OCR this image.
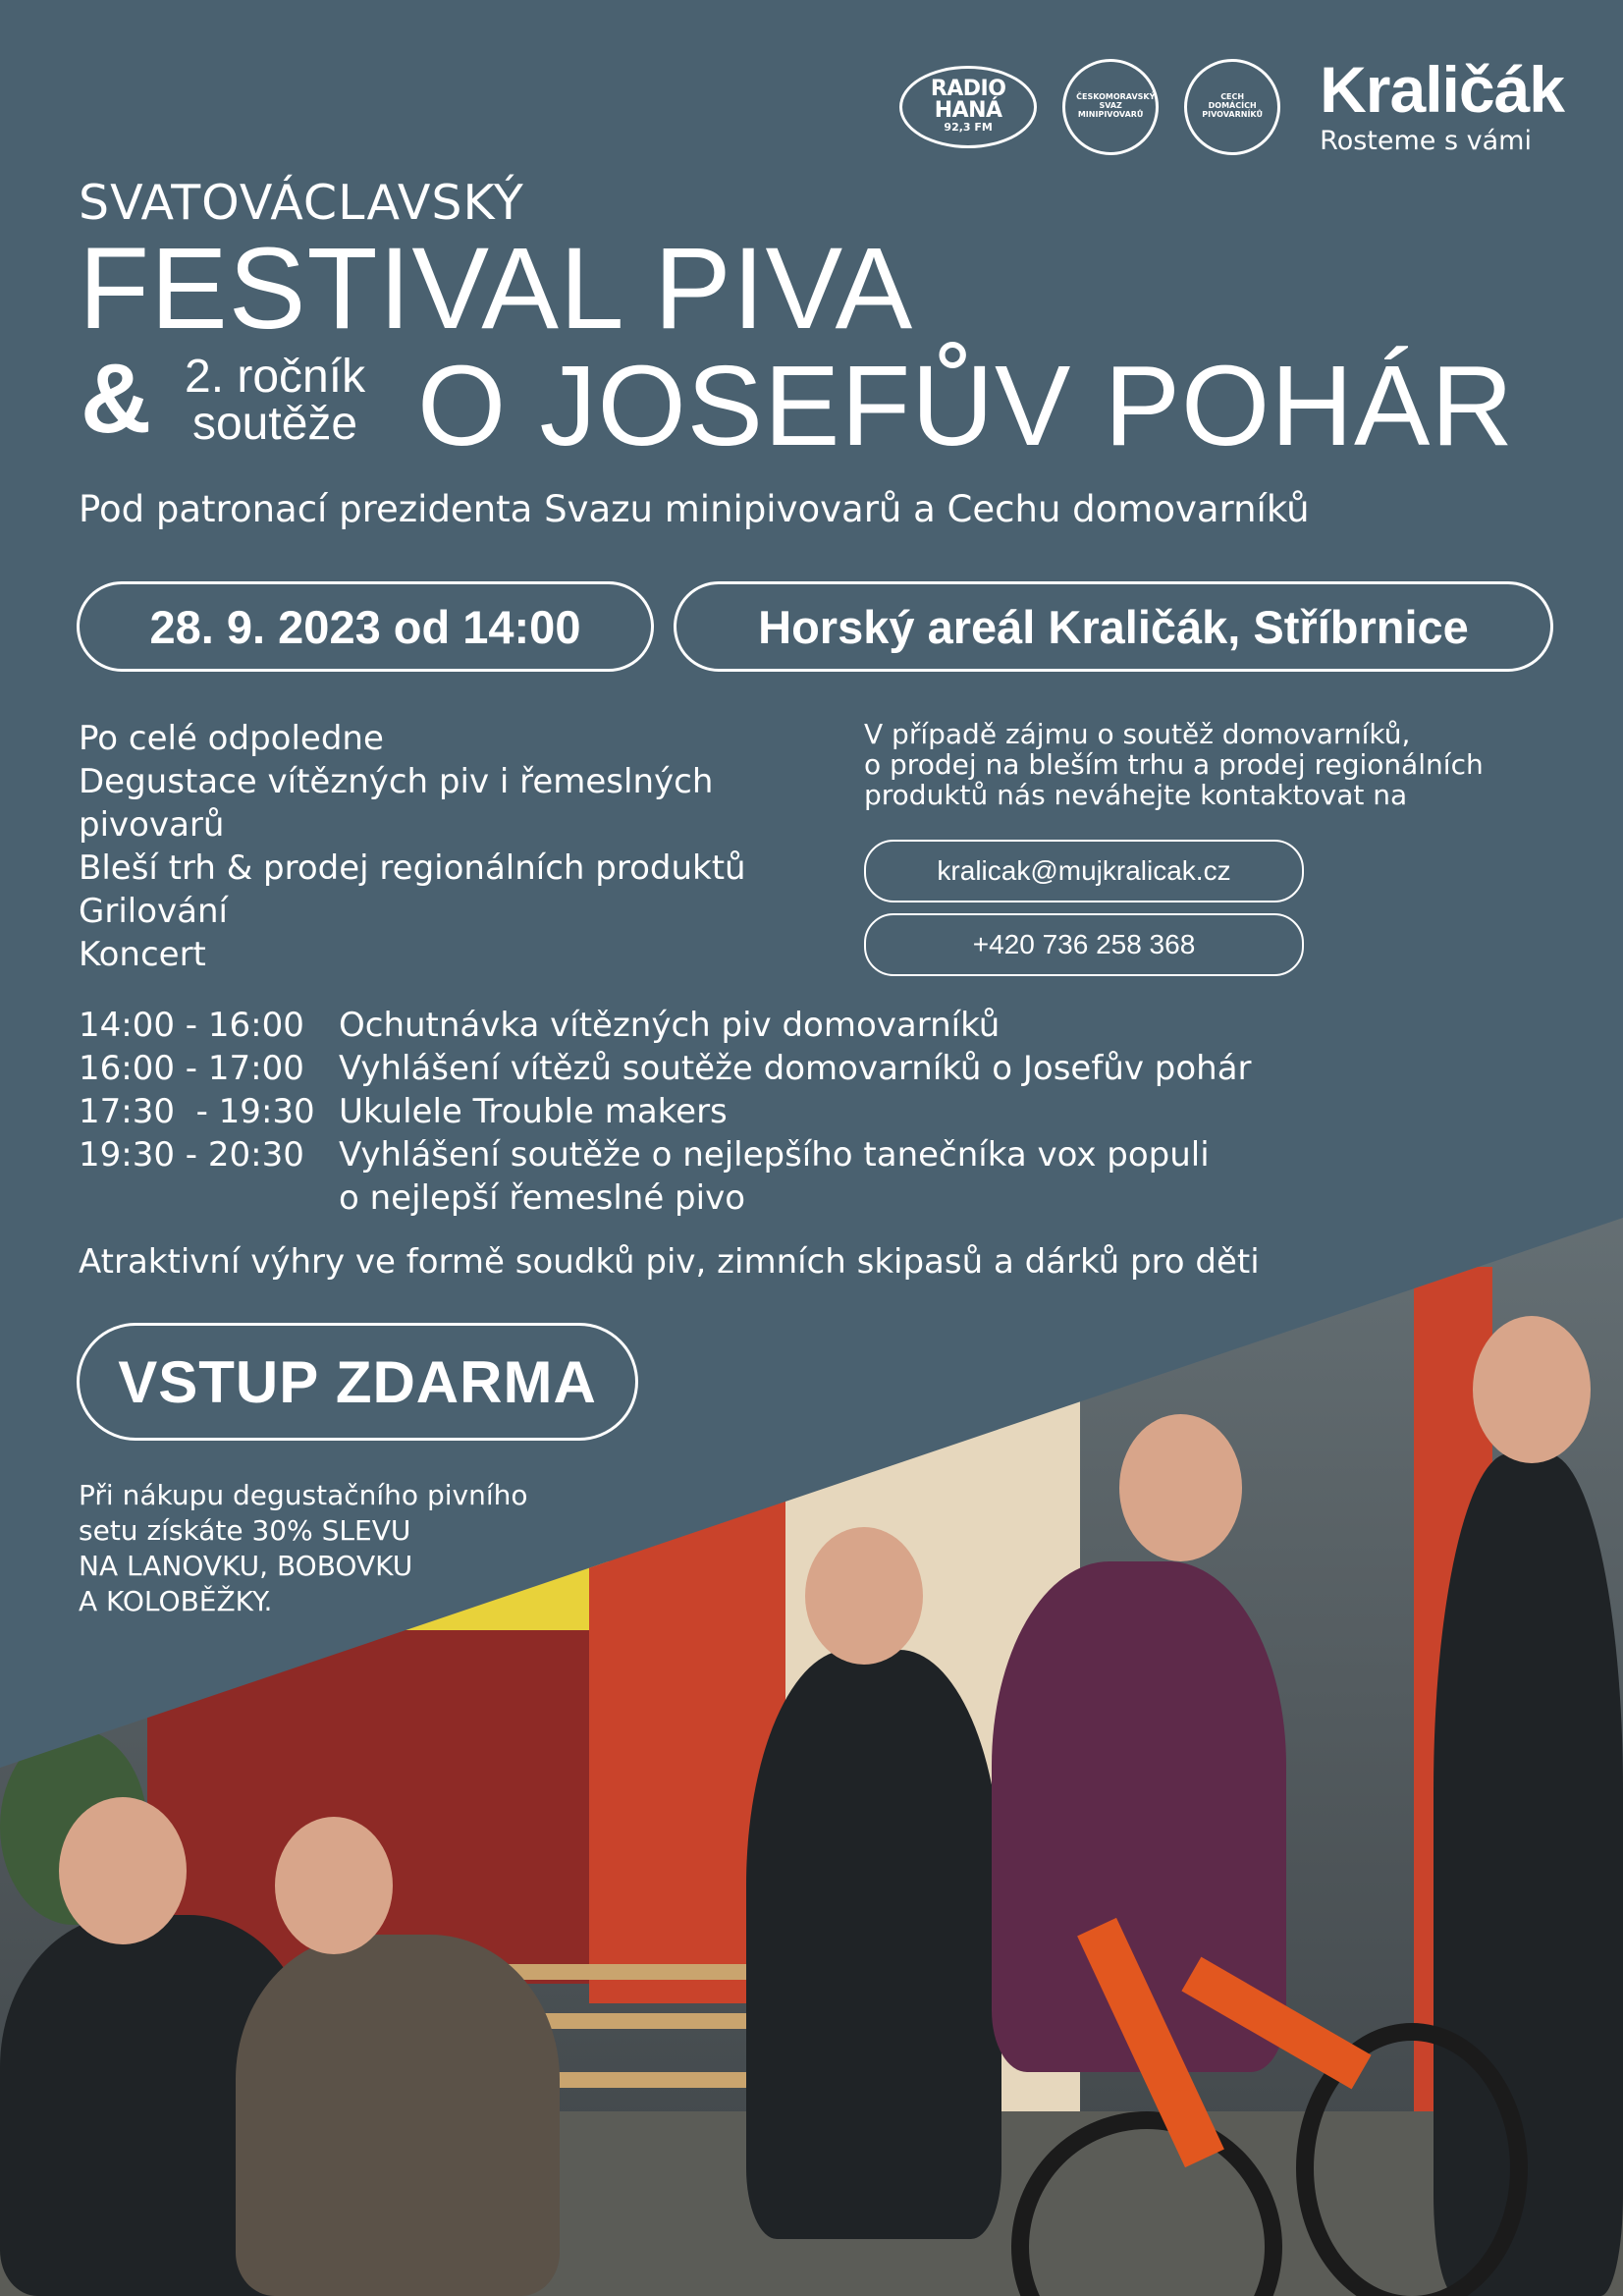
RADIO
HANÁ
92,3 FM
ČESKOMORAVSKÝ SVAZ MINIPIVOVARŮ
CECH DOMÁCÍCH PIVOVARNÍKŮ Kraličák
Rosteme s vámi
SVATOVÁCLAVSKÝ
FESTIVAL PIVA
& 2. ročník
soutěže O JOSEFŮV POHÁR
Pod patronací prezidenta Svazu minipivovarů a Cechu domovarníků
28. 9. 2023 od 14:00	Horský areál Kraličák, Stříbrnice
Po celé odpoledne
Degustace vítězných piv i řemeslných
pivovarů
Bleší trh & prodej regionálních produktů
Grilování
Koncert
V případě zájmu o soutěž domovarníků,
o prodej na bleším trhu a prodej regionálních
produktů nás neváhejte kontaktovat na
kralicak@mujkralicak.cz
+420 736 258 368
14:00 - 16:00	Ochutnávka vítězných piv domovarníků
16:00 - 17:00	Vyhlášení vítězů soutěže domovarníků o Josefův pohár
17:30  - 19:30 Ukulele Trouble makers
19:30 - 20:30	Vyhlášení soutěže o nejlepšího tanečníka vox populi
o nejlepší řemeslné pivo
Atraktivní výhry ve formě soudků piv, zimních skipasů a dárků pro děti
VSTUP ZDARMA
Při nákupu degustačního pivního
setu získáte 30% SLEVU
NA LANOVKU, BOBOVKU
A KOLOBĚŽKY.
